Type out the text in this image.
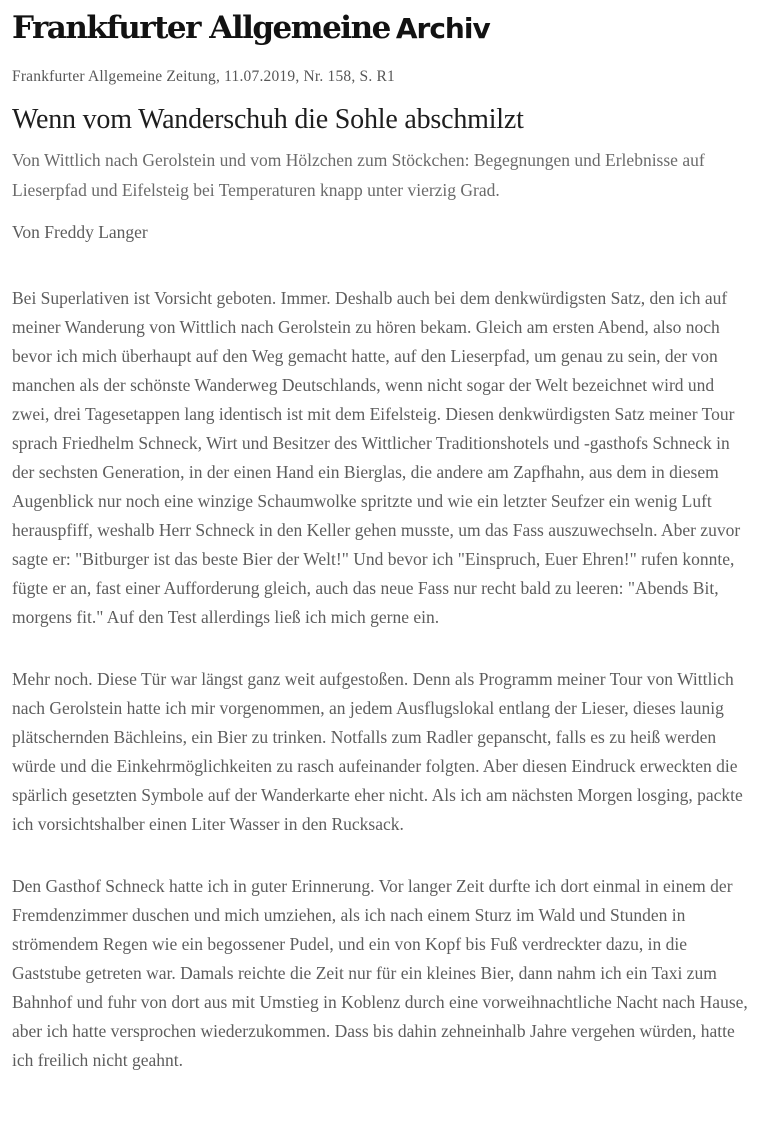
Frankfurter Allgemeine Archiv
Frankfurter Allgemeine Zeitung, 11.07.2019, Nr. 158, S. R1
Wenn vom Wanderschuh die Sohle abschmilzt

Von Wittlich nach Gerolstein und vom Hölzchen zum Stöckchen: Begegnungen und Erlebnisse auf Lieserpfad und Eifelsteig bei Temperaturen knapp unter vierzig Grad.

Von Freddy Langer

Bei Superlativen ist Vorsicht geboten. Immer. Deshalb auch bei dem denkwürdigsten Satz, den ich auf meiner Wanderung von Wittlich nach Gerolstein zu hören bekam. Gleich am ersten Abend, also noch bevor ich mich überhaupt auf den Weg gemacht hatte, auf den Lieserpfad, um genau zu sein, der von manchen als der schönste Wanderweg Deutschlands, wenn nicht sogar der Welt bezeichnet wird und zwei, drei Tagesetappen lang identisch ist mit dem Eifelsteig. Diesen denkwürdigsten Satz meiner Tour sprach Friedhelm Schneck, Wirt und Besitzer des Wittlicher Traditionshotels und -gasthofs Schneck in der sechsten Generation, in der einen Hand ein Bierglas, die andere am Zapfhahn, aus dem in diesem Augenblick nur noch eine winzige Schaumwolke spritzte und wie ein letzter Seufzer ein wenig Luft herauspfiff, weshalb Herr Schneck in den Keller gehen musste, um das Fass auszuwechseln. Aber zuvor sagte er: "Bitburger ist das beste Bier der Welt!" Und bevor ich "Einspruch, Euer Ehren!" rufen konnte, fügte er an, fast einer Aufforderung gleich, auch das neue Fass nur recht bald zu leeren: "Abends Bit, morgens fit." Auf den Test allerdings ließ ich mich gerne ein.

Mehr noch. Diese Tür war längst ganz weit aufgestoßen. Denn als Programm meiner Tour von Wittlich nach Gerolstein hatte ich mir vorgenommen, an jedem Ausflugslokal entlang der Lieser, dieses launig plätschernden Bächleins, ein Bier zu trinken. Notfalls zum Radler gepanscht, falls es zu heiß werden würde und die Einkehrmöglichkeiten zu rasch aufeinander folgten. Aber diesen Eindruck erweckten die spärlich gesetzten Symbole auf der Wanderkarte eher nicht. Als ich am nächsten Morgen losging, packte ich vorsichtshalber einen Liter Wasser in den Rucksack.

Den Gasthof Schneck hatte ich in guter Erinnerung. Vor langer Zeit durfte ich dort einmal in einem der Fremdenzimmer duschen und mich umziehen, als ich nach einem Sturz im Wald und Stunden in strömendem Regen wie ein begossener Pudel, und ein von Kopf bis Fuß verdreckter dazu, in die Gaststube getreten war. Damals reichte die Zeit nur für ein kleines Bier, dann nahm ich ein Taxi zum Bahnhof und fuhr von dort aus mit Umstieg in Koblenz durch eine vorweihnachtliche Nacht nach Hause, aber ich hatte versprochen wiederzukommen. Dass bis dahin zehneinhalb Jahre vergehen würden, hatte ich freilich nicht geahnt.
